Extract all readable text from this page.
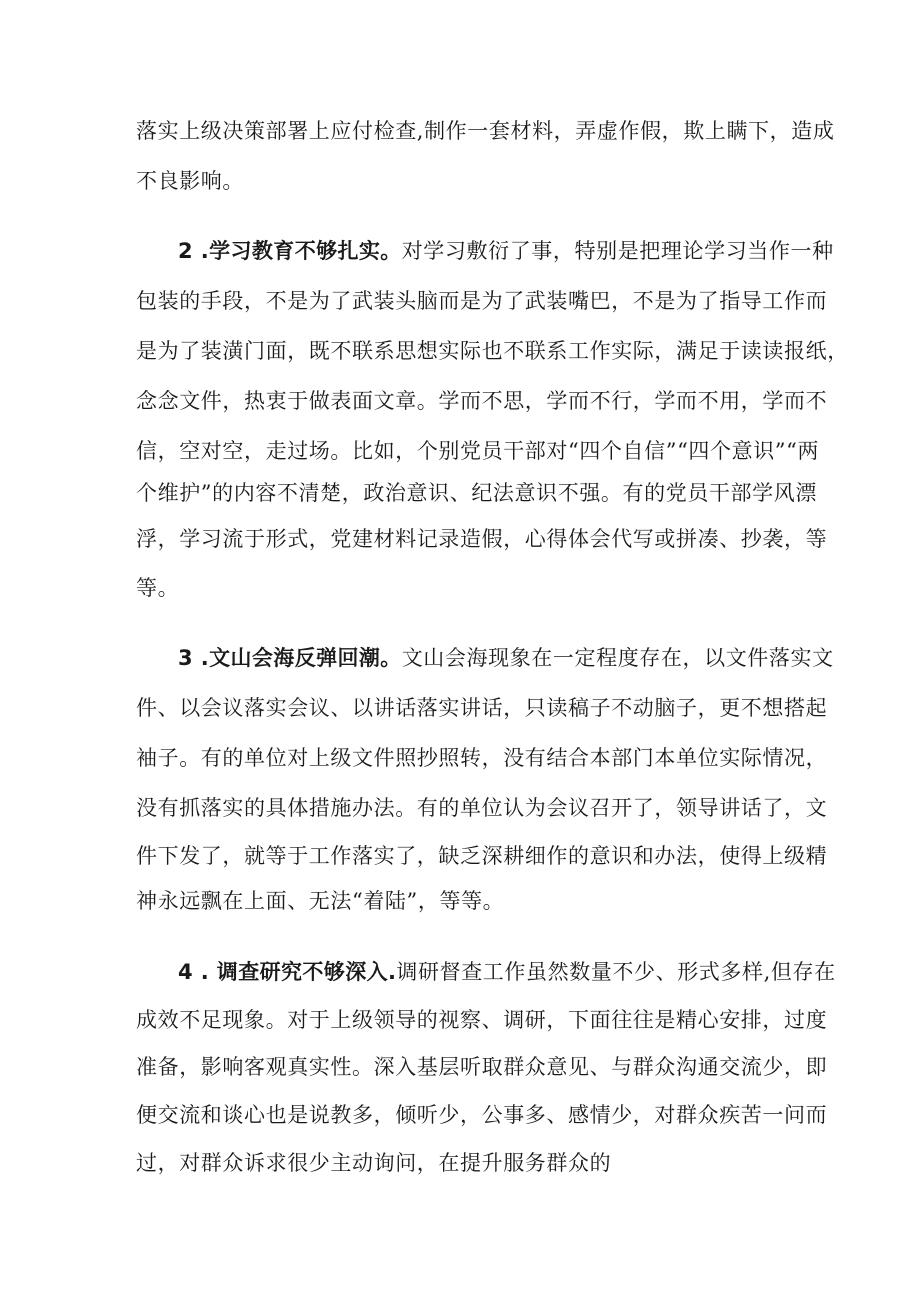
落实上级决策部署上应付检查,制作一套材料，弄虚作假，欺上瞒下，造成
不良影响。
2 .学习教育不够扎实。对学习敷衍了事，特别是把理论学习当作一种
包装的手段，不是为了武装头脑而是为了武装嘴巴，不是为了指导工作而
是为了装潢门面，既不联系思想实际也不联系工作实际，满足于读读报纸，
念念文件，热衷于做表面文章。学而不思，学而不行，学而不用，学而不
信，空对空，走过场。比如，个别党员干部对“四个自信”“四个意识”“两
个维护”的内容不清楚，政治意识、纪法意识不强。有的党员干部学风漂
浮，学习流于形式，党建材料记录造假，心得体会代写或拼凑、抄袭，等
等。
3 .文山会海反弹回潮。文山会海现象在一定程度存在，以文件落实文
件、以会议落实会议、以讲话落实讲话，只读稿子不动脑子，更不想搭起
袖子。有的单位对上级文件照抄照转，没有结合本部门本单位实际情况，
没有抓落实的具体措施办法。有的单位认为会议召开了，领导讲话了，文
件下发了，就等于工作落实了，缺乏深耕细作的意识和办法，使得上级精
神永远飘在上面、无法“着陆”，等等。
4 . 调查研究不够深入.调研督查工作虽然数量不少、形式多样,但存在
成效不足现象。对于上级领导的视察、调研，下面往往是精心安排，过度
准备，影响客观真实性。深入基层听取群众意见、与群众沟通交流少，即
便交流和谈心也是说教多，倾听少，公事多、感情少，对群众疾苦一问而
过，对群众诉求很少主动询问，在提升服务群众的
